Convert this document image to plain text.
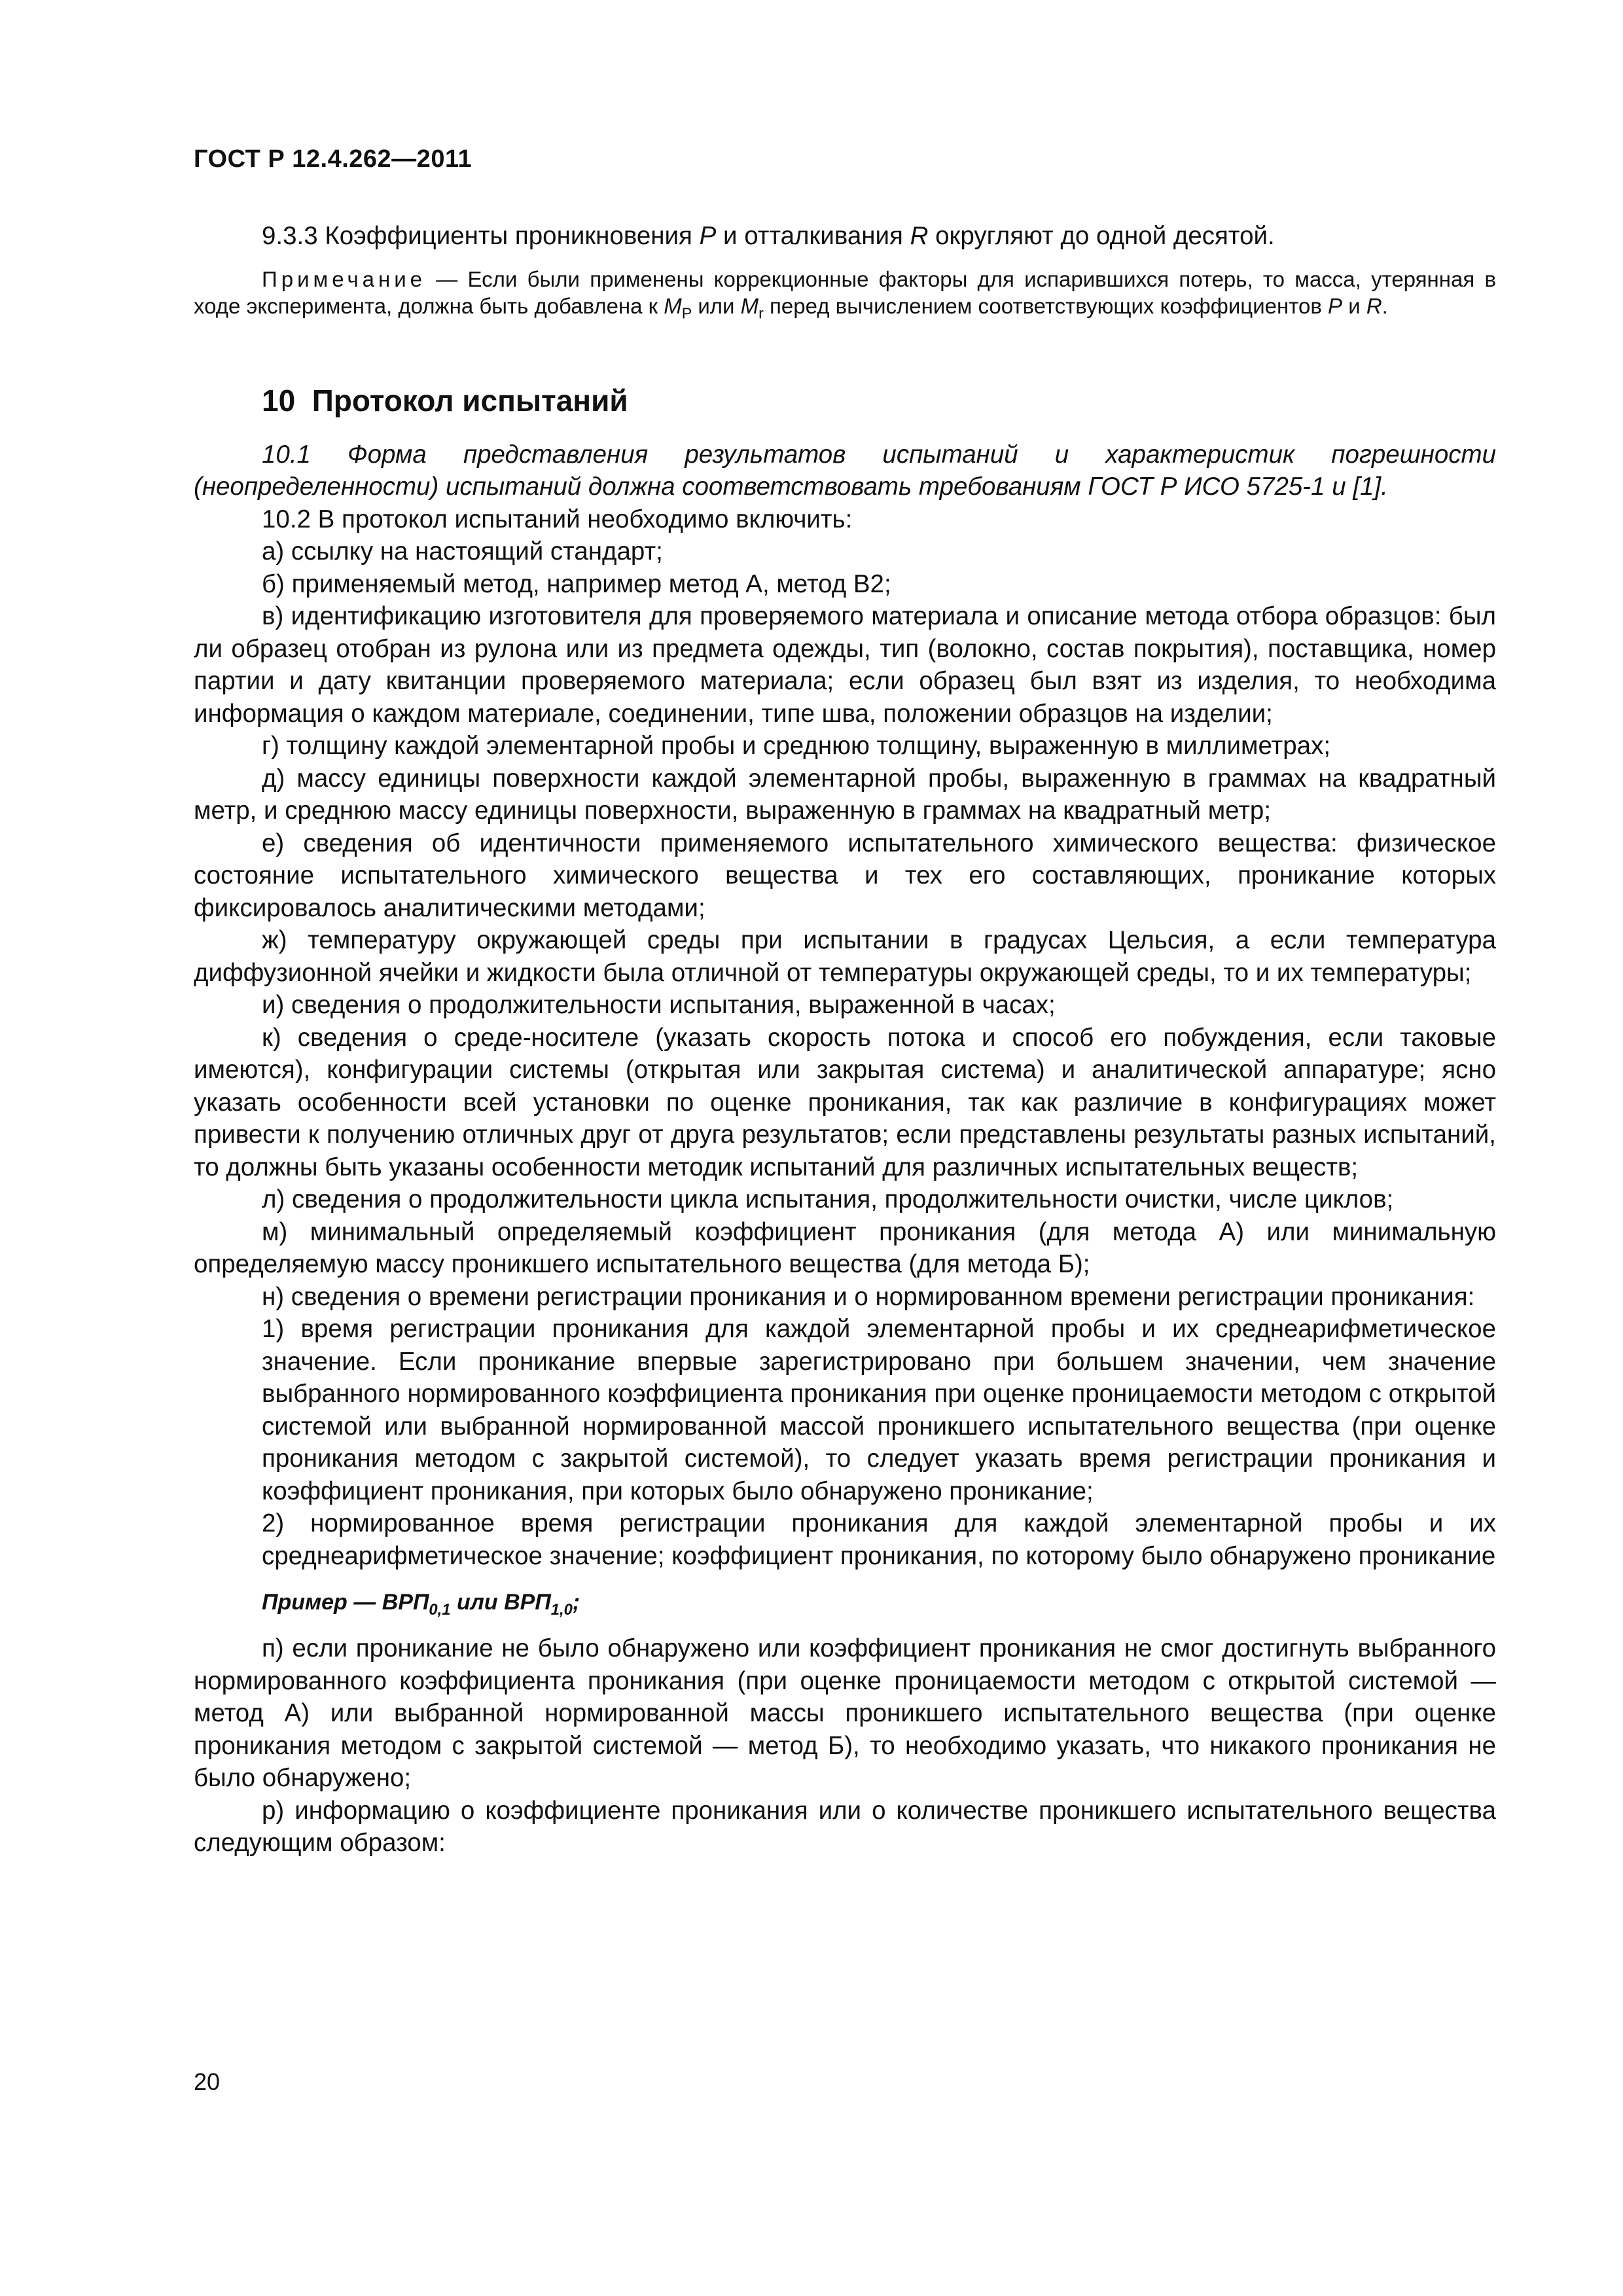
ГОСТ Р 12.4.262—2011

9.3.3 Коэффициенты проникновения P и отталкивания R округляют до одной десятой.

Примечание — Если были применены коррекционные факторы для испарившихся потерь, то масса, утерянная в ходе эксперимента, должна быть добавлена к $M_P$ или $M_r$ перед вычислением соответствующих коэффициентов P и R.

10 Протокол испытаний

10.1 Форма представления результатов испытаний и характеристик погрешности (неопределенности) испытаний должна соответствовать требованиям ГОСТ Р ИСО 5725-1 и [1].

10.2 В протокол испытаний необходимо включить:

а) ссылку на настоящий стандарт;

б) применяемый метод, например метод А, метод В2;

в) идентификацию изготовителя для проверяемого материала и описание метода отбора образцов: был ли образец отобран из рулона или из предмета одежды, тип (волокно, состав покрытия), поставщика, номер партии и дату квитанции проверяемого материала; если образец был взят из изделия, то необходима информация о каждом материале, соединении, типе шва, положении образцов на изделии;

г) толщину каждой элементарной пробы и среднюю толщину, выраженную в миллиметрах;

д) массу единицы поверхности каждой элементарной пробы, выраженную в граммах на квадратный метр, и среднюю массу единицы поверхности, выраженную в граммах на квадратный метр;

е) сведения об идентичности применяемого испытательного химического вещества: физическое состояние испытательного химического вещества и тех его составляющих, проникание которых фиксировалось аналитическими методами;

ж) температуру окружающей среды при испытании в градусах Цельсия, а если температура диффузионной ячейки и жидкости была отличной от температуры окружающей среды, то и их температуры;

и) сведения о продолжительности испытания, выраженной в часах;

к) сведения о среде-носителе (указать скорость потока и способ его побуждения, если таковые имеются), конфигурации системы (открытая или закрытая система) и аналитической аппаратуре; ясно указать особенности всей установки по оценке проникания, так как различие в конфигурациях может привести к получению отличных друг от друга результатов; если представлены результаты разных испытаний, то должны быть указаны особенности методик испытаний для различных испытательных веществ;

л) сведения о продолжительности цикла испытания, продолжительности очистки, числе циклов;

м) минимальный определяемый коэффициент проникания (для метода А) или минимальную определяемую массу проникшего испытательного вещества (для метода Б);

н) сведения о времени регистрации проникания и о нормированном времени регистрации проникания:

1) время регистрации проникания для каждой элементарной пробы и их среднеарифметическое значение. Если проникание впервые зарегистрировано при большем значении, чем значение выбранного нормированного коэффициента проникания при оценке проницаемости методом с открытой системой или выбранной нормированной массой проникшего испытательного вещества (при оценке проникания методом с закрытой системой), то следует указать время регистрации проникания и коэффициент проникания, при которых было обнаружено проникание;

2) нормированное время регистрации проникания для каждой элементарной пробы и их среднеарифметическое значение; коэффициент проникания, по которому было обнаружено проникание

Пример — $ВРП_{0,1}$ или $ВРП_{1,0}$;

п) если проникание не было обнаружено или коэффициент проникания не смог достигнуть выбранного нормированного коэффициента проникания (при оценке проницаемости методом с открытой системой — метод А) или выбранной нормированной массы проникшего испытательного вещества (при оценке проникания методом с закрытой системой — метод Б), то необходимо указать, что никакого проникания не было обнаружено;

р) информацию о коэффициенте проникания или о количестве проникшего испытательного вещества следующим образом:

20
